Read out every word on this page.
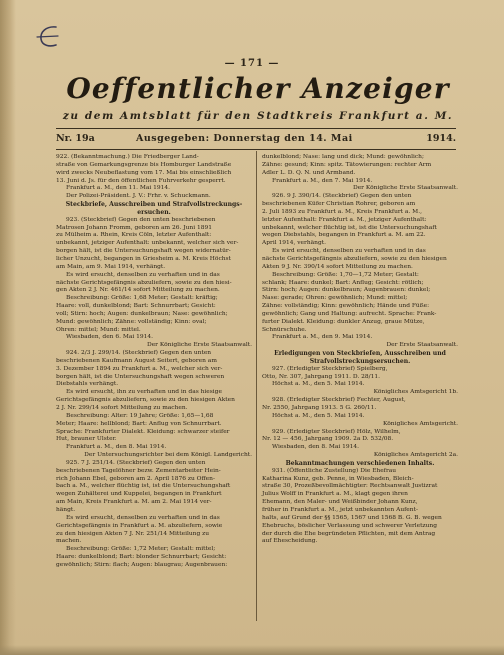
— 171 —
Oeffentlicher Anzeiger
zu dem Amtsblatt für den Stadtkreis Frankfurt a. M.
Nr. 19a	Ausgegeben: Donnerstag den 14. Mai	1914.

922. (Bekanntmachung.) Die Friedberger Land-

straße von Gemarkungsgrenze bis Homburger Landstraße

wird zwecks Neubeflastung vom 17. Mai bis einschließlich

13. Juni d. Js. für den öffentlichen Fuhrverkehr gesperrt.

Frankfurt a. M., den 11. Mai 1914.

Der Polizei-Präsident. J. V.: Frhr. v. Schuckmann.

Steckbriefe, Ausschreiben und Strafvollstreckungs-

ersuchen.

923. (Steckbrief) Gegen den unten beschriebenen

Matrosen Johann Fromm, geboren am 26. Juni 1891

zu Mülheim a. Rhein, Kreis Cöln, letzter Aufenthalt:

unbekannt, jetziger Aufenthalt: unbekannt, welcher sich ver-

borgen hält, ist die Untersuchungshaft wegen widernatür-

licher Unzucht, begangen in Griesheim a. M. Kreis Höchst

am Main, am 9. Mai 1914, verhängt.

Es wird ersucht, denselben zu verhaften und in das

nächste Gerichtsgefängnis abzuliefern, sowie zu den hiesi-

gen Akten 2 J. Nr. 461/14 sofort Mitteilung zu machen.

Beschreibung: Größe: 1,68 Meter; Gestalt: kräftig;

Haare: voll, dunkelblond; Bart: Schnurrbart; Gesicht:

voll; Stirn: hoch; Augen: dunkelbraun; Nase: gewöhnlich;

Mund: gewöhnlich; Zähne: vollständig; Kinn: oval;

Ohren: mittel; Mund: mittel.

Wiesbaden, den 6. Mai 1914.

Der Königliche Erste Staatsanwalt.

924. 2/3 J. 299/14. (Steckbrief) Gegen den unten

beschriebenen Kaufmann August Seitert, geboren am

3. Dezember 1894 zu Frankfurt a. M., welcher sich ver-

borgen hält, ist die Untersuchungshaft wegen schweren

Diebstahls verhängt.

Es wird ersucht, ihn zu verhaften und in das hiesige

Gerichtsgefängnis abzuliefern, sowie zu den hiesigen Akten

2 J. Nr. 299/14 sofort Mitteilung zu machen.

Beschreibung: Alter: 19 Jahre; Größe: 1,65—1,68

Meter; Haare: hellblond; Bart: Anflug von Schnurrbart.

Sprache: Frankfurter Dialekt. Kleidung: schwarzer steifer

Hut, brauner Ulster.

Frankfurt a. M., den 8. Mai 1914.

Der Untersuchungsrichter bei dem Königl. Landgericht.

925. 7 J. 251/14. (Steckbrief) Gegen den unten

beschriebenen Tagelöhner bezw. Zementarbeiter Hein-

rich Johann Ebel, geboren am 2. April 1876 zu Offen-

bach a. M., welcher flüchtig ist, ist die Untersuchungshaft

wegen Zuhälterei und Kuppelei, begangen in Frankfurt

am Main, Kreis Frankfurt a. M. am 2. Mai 1914 ver-

hängt.

Es wird ersucht, denselben zu verhaften und in das

Gerichtsgefängnis in Frankfurt a. M. abzuliefern, sowie

zu den hiesigen Akten 7 J. Nr. 251/14 Mitteilung zu

machen.

Beschreibung: Größe: 1,72 Meter; Gestalt: mittel;

Haare: dunkelblond; Bart: blonder Schnurrbart; Gesicht:

gewöhnlich; Stirn: flach; Augen: blaugrau; Augenbrauen:

dunkelblond; Nase: lang und dick; Mund: gewöhnlich;

Zähne: gesund; Kinn: spitz. Tätowierungen: rechter Arm

Adler L. D. Q. N. und Armband.

Frankfurt a. M., den 7. Mai 1914.

Der Königliche Erste Staatsanwalt.

926. 9 J. 390/14. (Steckbrief) Gegen den unten

beschriebenen Küfer Christian Rohrer, geboren am

2. Juli 1893 zu Frankfurt a. M., Kreis Frankfurt a. M.,

letzter Aufenthalt: Frankfurt a. M., jetziger Aufenthalt:

unbekannt, welcher flüchtig ist, ist die Untersuchungshaft

wegen Diebstahls, begangen in Frankfurt a. M. am 22.

April 1914, verhängt.

Es wird ersucht, denselben zu verhaften und in das

nächste Gerichtsgefängnis abzuliefern, sowie zu den hiesigen

Akten 9 J. Nr. 390/14 sofort Mitteilung zu machen.

Beschreibung: Größe: 1,70—1,72 Meter; Gestalt:

schlank; Haare: dunkel; Bart: Anflug; Gesicht: rötlich;

Stirn: hoch; Augen: dunkelbraun; Augenbrauen: dunkel;

Nase: gerade; Ohren: gewöhnlich; Mund: mittel;

Zähne: vollständig; Kinn: gewöhnlich; Hände und Füße:

gewöhnlich; Gang und Haltung: aufrecht. Sprache: Frank-

furter Dialekt. Kleidung: dunkler Anzug, graue Mütze,

Schnürschuhe.

Frankfurt a. M., den 9. Mai 1914.

Der Erste Staatsanwalt.

Erledigungen von Steckbriefen, Ausschreiben und

Strafvollstreckungsersuchen.

927. (Erledigter Steckbrief) Spielberg,

Otto, Nr. 307, Jahrgang 1911. D. 28/11.

Höchst a. M., den 5. Mai 1914.

Königliches Amtsgericht 1b.

928. (Erledigter Steckbrief) Fechter, August,

Nr. 2550, Jahrgang 1913. 5 G. 260/11.

Höchst a. M., den 5. Mai 1914.

Königliches Amtsgericht.

929. (Erledigter Steckbrief) Hölz, Wilhelm,

Nr. 12 — 456, Jahrgang 1909. 2a D. 532/08.

Wiesbaden, den 8. Mai 1914.

Königliches Amtsgericht 2a.

Bekanntmachungen verschiedenen Inhalts.

931. (Öffentliche Zustellung) Die Ehefrau

Katharina Kunz, geb. Penne, in Wiesbaden, Bleich-

straße 30, Prozeßbevollmächtigter: Rechtsanwalt Justizrat

Julius Wolff in Frankfurt a. M., klagt gegen ihren

Ehemann, den Maler- und Weißbinder Johann Kunz,

früher in Frankfurt a. M., jetzt unbekannten Aufent-

halts, auf Grund der §§ 1565, 1567 und 1568 B. G. B. wegen

Ehebruchs, böslicher Verlassung und schwerer Verletzung

der durch die Ehe begründeten Pflichten, mit dem Antrag

auf Ehescheidung.
